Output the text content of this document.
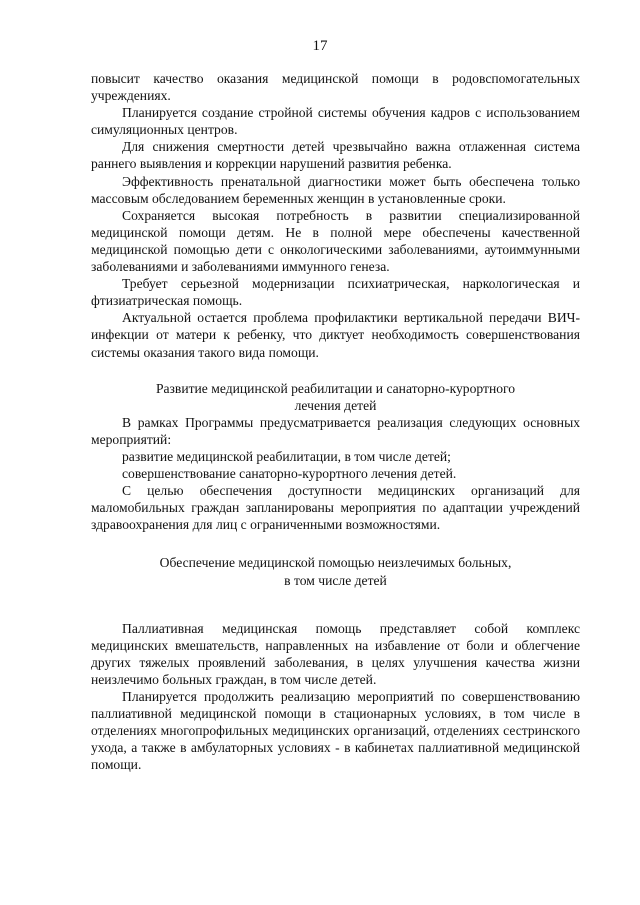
17

повысит качество оказания медицинской помощи в родовспомогательных учреждениях.

Планируется создание стройной системы обучения кадров с использованием симуляционных центров.

Для снижения смертности детей чрезвычайно важна отлаженная система раннего выявления и коррекции нарушений развития ребенка.

Эффективность пренатальной диагностики может быть обеспечена только массовым обследованием беременных женщин в установленные сроки.

Сохраняется высокая потребность в развитии специализированной медицинской помощи детям. Не в полной мере обеспечены качественной медицинской помощью дети с онкологическими заболеваниями, аутоиммунными заболеваниями и заболеваниями иммунного генеза.

Требует серьезной модернизации психиатрическая, наркологическая и фтизиатрическая помощь.

Актуальной остается проблема профилактики вертикальной передачи ВИЧ-инфекции от матери к ребенку, что диктует необходимость совершенствования системы оказания такого вида помощи.

Развитие медицинской реабилитации и санаторно-курортного

лечения детей

В рамках Программы предусматривается реализация следующих основных мероприятий:

развитие медицинской реабилитации, в том числе детей;

совершенствование санаторно-курортного лечения детей.

С целью обеспечения доступности медицинских организаций для маломобильных граждан запланированы мероприятия по адаптации учреждений здравоохранения для лиц с ограниченными возможностями.

Обеспечение медицинской помощью неизлечимых больных,

в том числе детей

Паллиативная медицинская помощь представляет собой комплекс медицинских вмешательств, направленных на избавление от боли и облегчение других тяжелых проявлений заболевания, в целях улучшения качества жизни неизлечимо больных граждан, в том числе детей.

Планируется продолжить реализацию мероприятий по совершенствованию паллиативной медицинской помощи в стационарных условиях, в том числе в отделениях многопрофильных медицинских организаций, отделениях сестринского ухода, а также в амбулаторных условиях - в кабинетах паллиативной медицинской помощи.
